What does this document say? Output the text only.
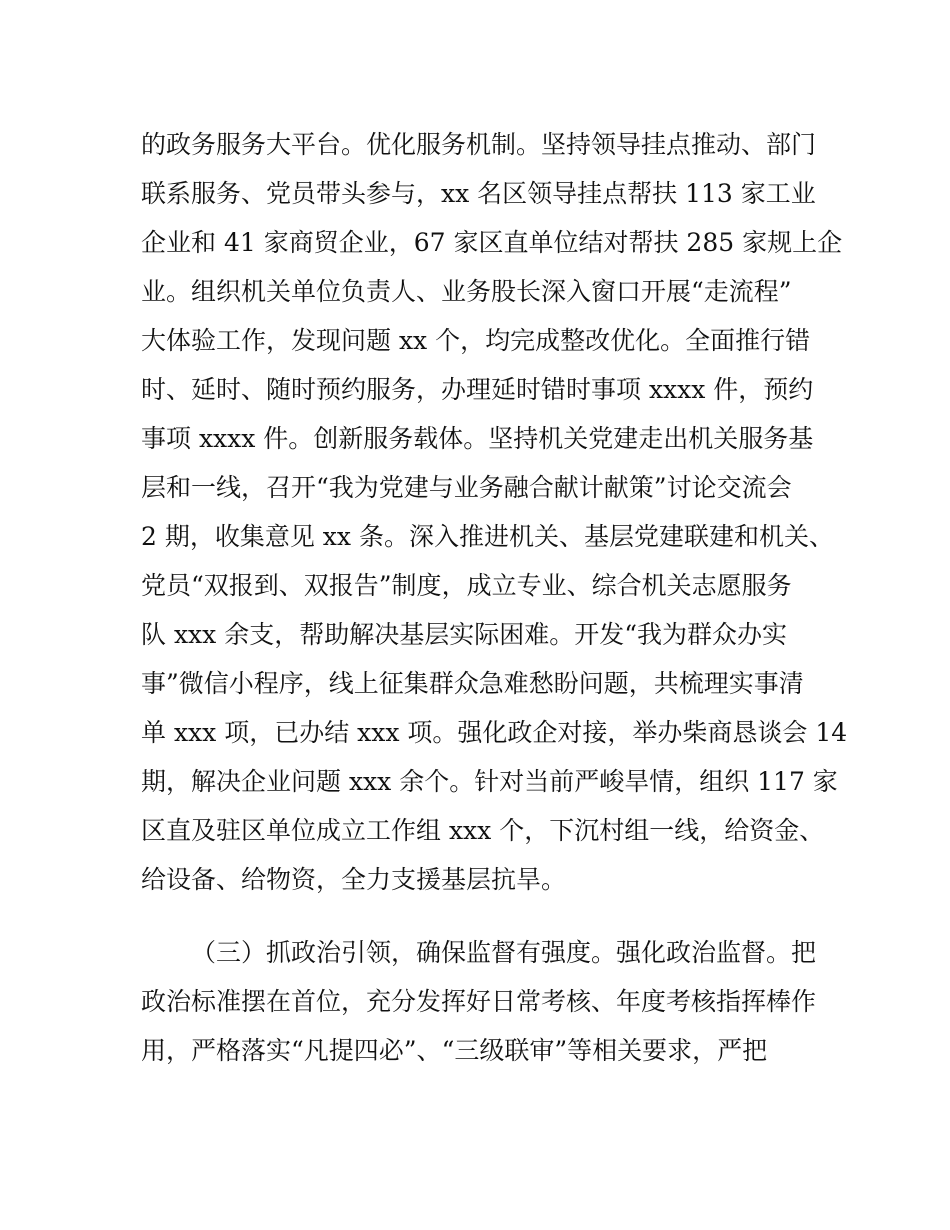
的政务服务大平台。优化服务机制。坚持领导挂点推动、部门
联系服务、党员带头参与，xx 名区领导挂点帮扶 113 家工业
企业和 41 家商贸企业，67 家区直单位结对帮扶 285 家规上企
业。组织机关单位负责人、业务股长深入窗口开展“走流程”
大体验工作，发现问题 xx 个，均完成整改优化。全面推行错
时、延时、随时预约服务，办理延时错时事项 xxxx 件，预约
事项 xxxx 件。创新服务载体。坚持机关党建走出机关服务基
层和一线，召开“我为党建与业务融合献计献策”讨论交流会
2 期，收集意见 xx 条。深入推进机关、基层党建联建和机关、
党员“双报到、双报告”制度，成立专业、综合机关志愿服务
队 xxx 余支，帮助解决基层实际困难。开发“我为群众办实
事”微信小程序，线上征集群众急难愁盼问题，共梳理实事清
单 xxx 项，已办结 xxx 项。强化政企对接，举办柴商恳谈会 14
期，解决企业问题 xxx 余个。针对当前严峻旱情，组织 117 家
区直及驻区单位成立工作组 xxx 个，下沉村组一线，给资金、
给设备、给物资，全力支援基层抗旱。
（三）抓政治引领，确保监督有强度。强化政治监督。把
政治标准摆在首位，充分发挥好日常考核、年度考核指挥棒作
用，严格落实“凡提四必”、“三级联审”等相关要求，严把
